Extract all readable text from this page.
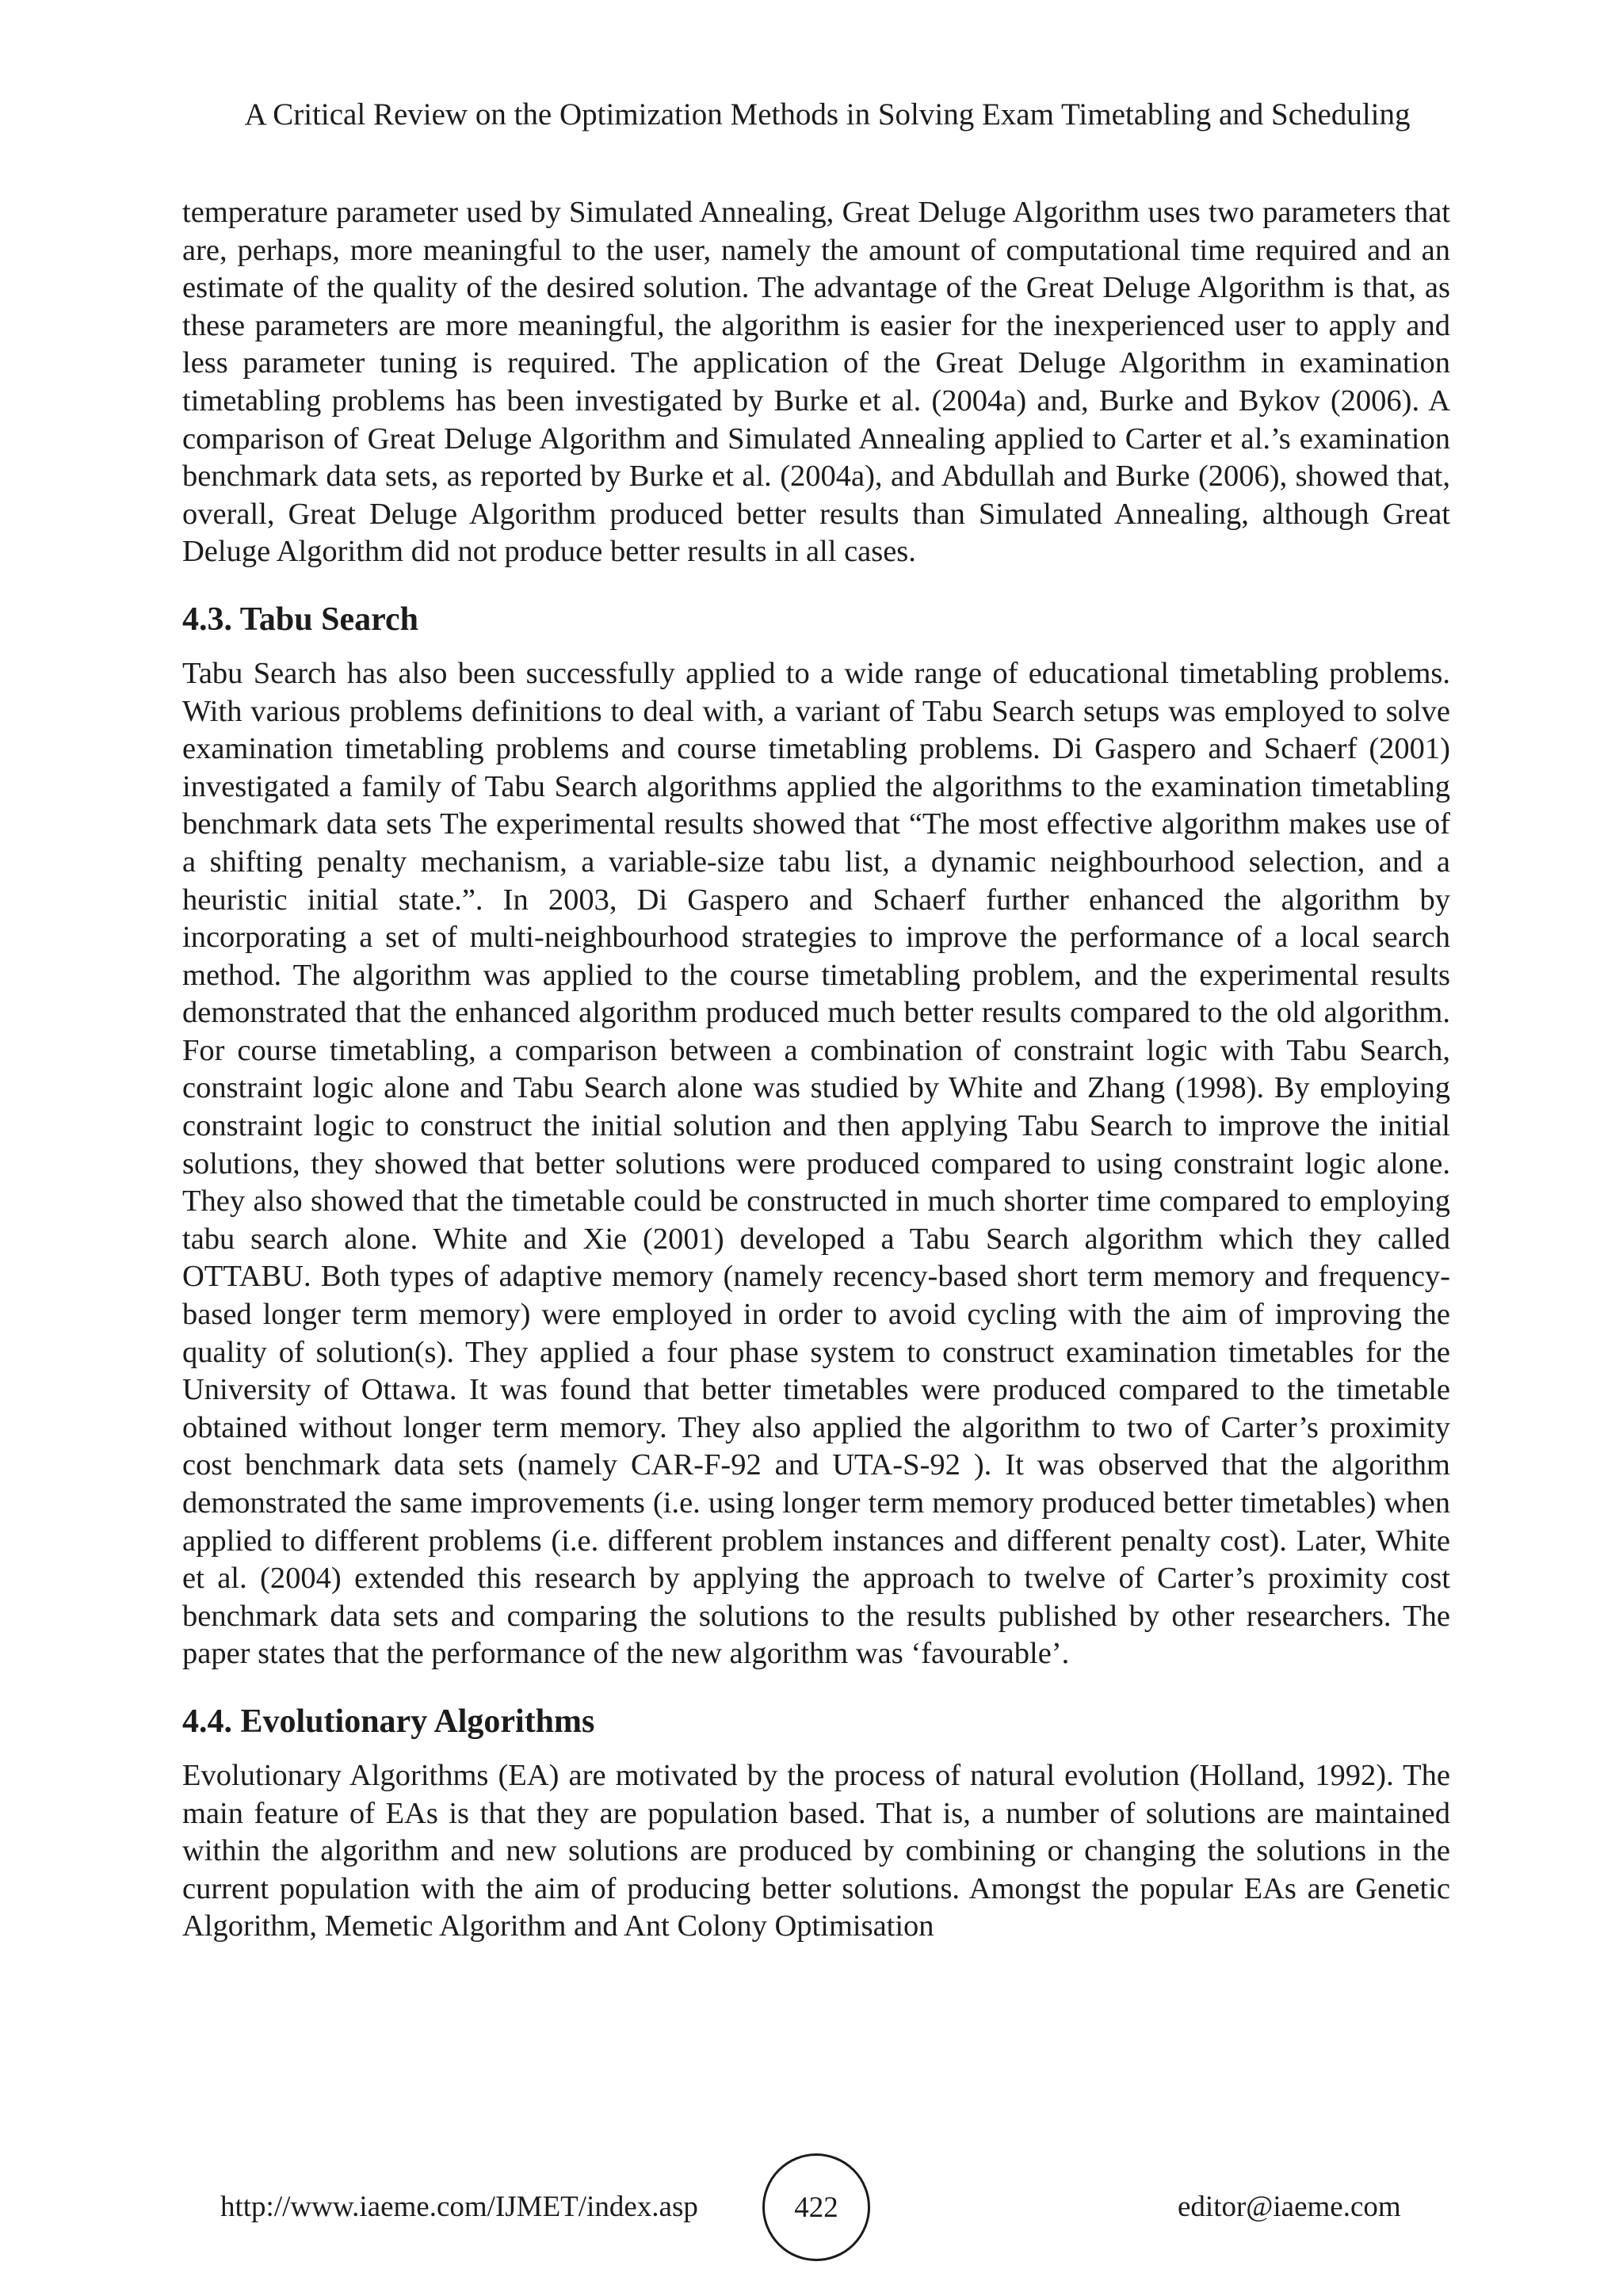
A Critical Review on the Optimization Methods in Solving Exam Timetabling and Scheduling

temperature parameter used by Simulated Annealing, Great Deluge Algorithm uses two parameters that are, perhaps, more meaningful to the user, namely the amount of computational time required and an estimate of the quality of the desired solution. The advantage of the Great Deluge Algorithm is that, as these parameters are more meaningful, the algorithm is easier for the inexperienced user to apply and less parameter tuning is required. The application of the Great Deluge Algorithm in examination timetabling problems has been investigated by Burke et al. (2004a) and, Burke and Bykov (2006). A comparison of Great Deluge Algorithm and Simulated Annealing applied to Carter et al.’s examination benchmark data sets, as reported by Burke et al. (2004a), and Abdullah and Burke (2006), showed that, overall, Great Deluge Algorithm produced better results than Simulated Annealing, although Great Deluge Algorithm did not produce better results in all cases.

4.3. Tabu Search

Tabu Search has also been successfully applied to a wide range of educational timetabling problems. With various problems definitions to deal with, a variant of Tabu Search setups was employed to solve examination timetabling problems and course timetabling problems. Di Gaspero and Schaerf (2001) investigated a family of Tabu Search algorithms applied the algorithms to the examination timetabling benchmark data sets The experimental results showed that “The most effective algorithm makes use of a shifting penalty mechanism, a variable-size tabu list, a dynamic neighbourhood selection, and a heuristic initial state.”. In 2003, Di Gaspero and Schaerf further enhanced the algorithm by incorporating a set of multi-neighbourhood strategies to improve the performance of a local search method. The algorithm was applied to the course timetabling problem, and the experimental results demonstrated that the enhanced algorithm produced much better results compared to the old algorithm. For course timetabling, a comparison between a combination of constraint logic with Tabu Search, constraint logic alone and Tabu Search alone was studied by White and Zhang (1998). By employing constraint logic to construct the initial solution and then applying Tabu Search to improve the initial solutions, they showed that better solutions were produced compared to using constraint logic alone. They also showed that the timetable could be constructed in much shorter time compared to employing tabu search alone. White and Xie (2001) developed a Tabu Search algorithm which they called OTTABU. Both types of adaptive memory (namely recency-based short term memory and frequency-based longer term memory) were employed in order to avoid cycling with the aim of improving the quality of solution(s). They applied a four phase system to construct examination timetables for the University of Ottawa. It was found that better timetables were produced compared to the timetable obtained without longer term memory. They also applied the algorithm to two of Carter’s proximity cost benchmark data sets (namely CAR-F-92 and UTA-S-92 ). It was observed that the algorithm demonstrated the same improvements (i.e. using longer term memory produced better timetables) when applied to different problems (i.e. different problem instances and different penalty cost). Later, White et al. (2004) extended this research by applying the approach to twelve of Carter’s proximity cost benchmark data sets and comparing the solutions to the results published by other researchers. The paper states that the performance of the new algorithm was ‘favourable’.

4.4. Evolutionary Algorithms

Evolutionary Algorithms (EA) are motivated by the process of natural evolution (Holland, 1992). The main feature of EAs is that they are population based. That is, a number of solutions are maintained within the algorithm and new solutions are produced by combining or changing the solutions in the current population with the aim of producing better solutions. Amongst the popular EAs are Genetic Algorithm, Memetic Algorithm and Ant Colony Optimisation

http://www.iaeme.com/IJMET/index.asp	422	editor@iaeme.com
